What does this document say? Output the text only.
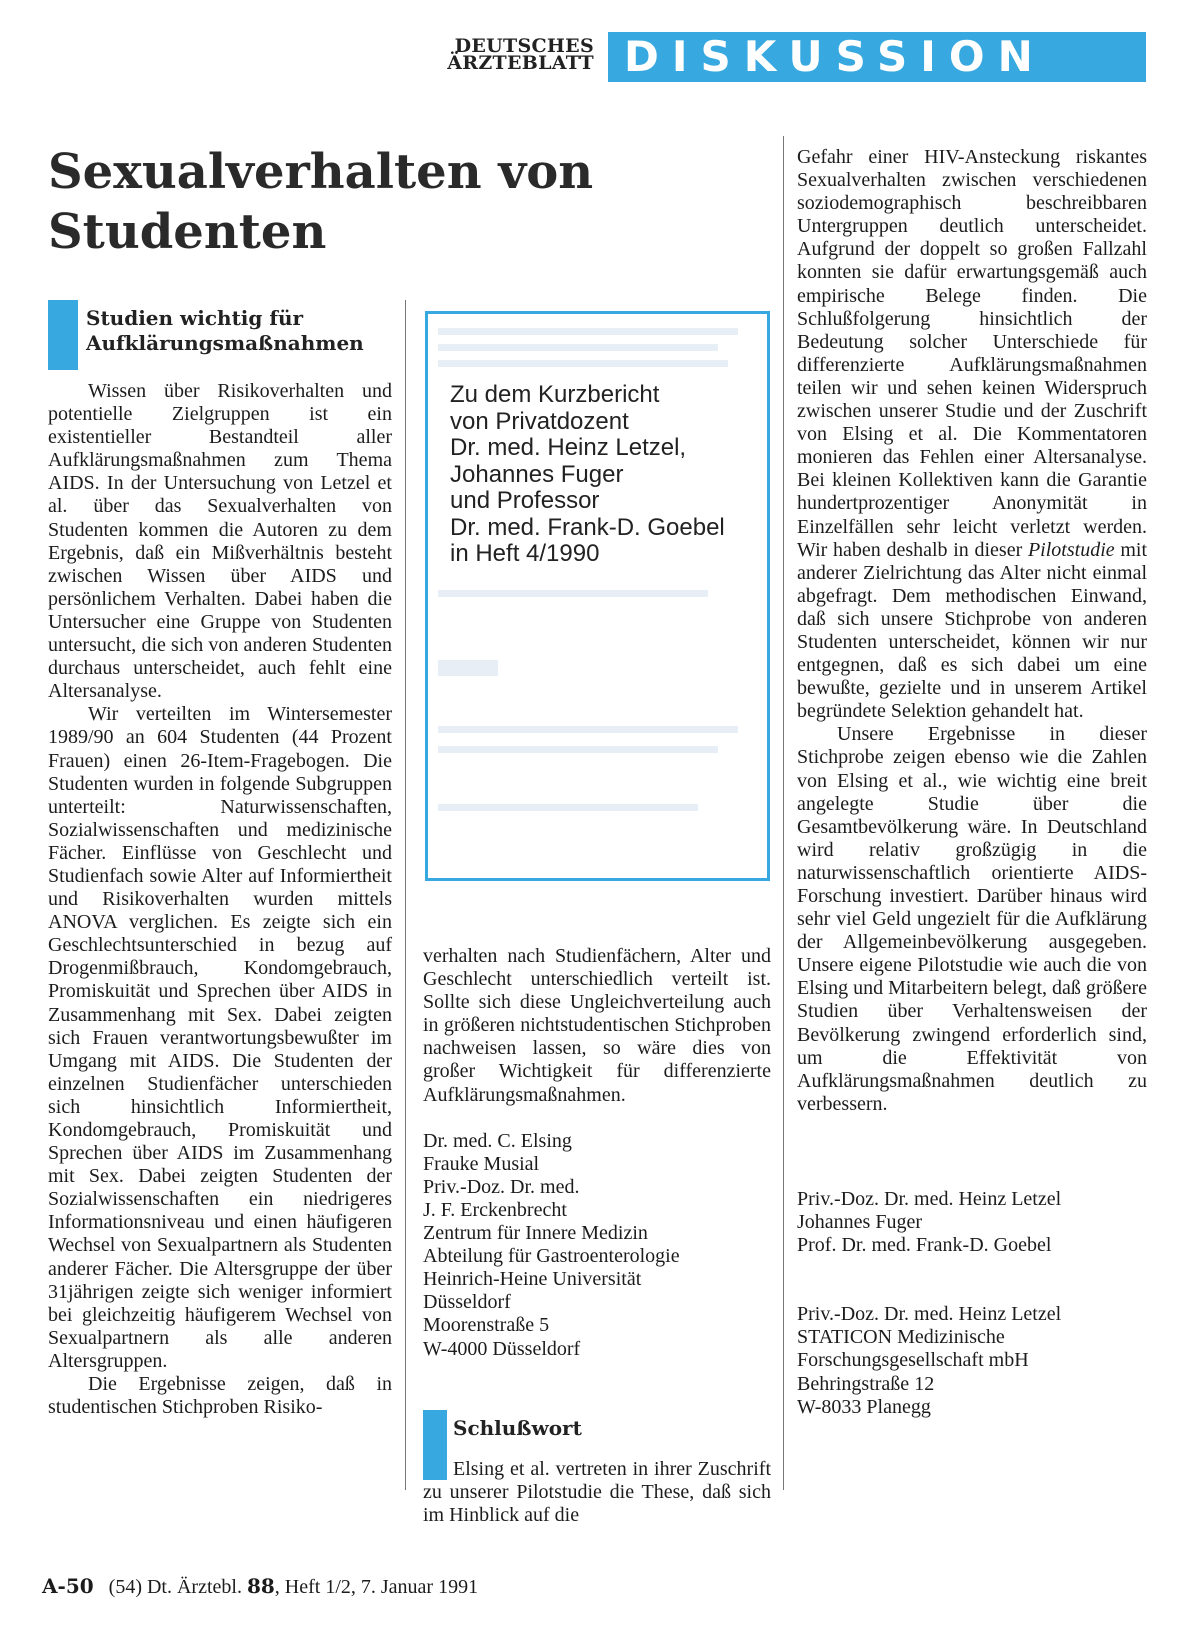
DEUTSCHES
ÄRZTEBLATT DISKUSSION
Sexualverhalten von
Studenten
Studien wichtig für
Aufklärungsmaßnahmen

Wissen über Risikoverhalten und potentielle Zielgruppen ist ein existentieller Bestandteil aller Aufklärungsmaßnahmen zum Thema AIDS. In der Untersuchung von Letzel et al. über das Sexualverhalten von Studenten kommen die Autoren zu dem Ergebnis, daß ein Mißverhältnis besteht zwischen Wissen über AIDS und persönlichem Verhalten. Dabei haben die Untersucher eine Gruppe von Studenten untersucht, die sich von anderen Studenten durchaus unterscheidet, auch fehlt eine Altersanalyse.

Wir verteilten im Wintersemester 1989/90 an 604 Studenten (44 Prozent Frauen) einen 26-Item-Fragebogen. Die Studenten wurden in folgende Subgruppen unterteilt: Naturwissenschaften, Sozialwissenschaften und medizinische Fächer. Einflüsse von Geschlecht und Studienfach sowie Alter auf Informiertheit und Risikoverhalten wurden mittels ANOVA verglichen. Es zeigte sich ein Geschlechtsunterschied in bezug auf Drogenmißbrauch, Kondomgebrauch, Promiskuität und Sprechen über AIDS in Zusammenhang mit Sex. Dabei zeigten sich Frauen verantwortungsbewußter im Umgang mit AIDS. Die Studenten der einzelnen Studienfächer unterschieden sich hinsichtlich Informiertheit, Kondomgebrauch, Promiskuität und Sprechen über AIDS im Zusammenhang mit Sex. Dabei zeigten Studenten der Sozialwissenschaften ein niedrigeres Informationsniveau und einen häufigeren Wechsel von Sexualpartnern als Studenten anderer Fächer. Die Altersgruppe der über 31jährigen zeigte sich weniger informiert bei gleichzeitig häufigerem Wechsel von Sexualpartnern als alle anderen Altersgruppen.

Die Ergebnisse zeigen, daß in studentischen Stichproben Risiko-

Zu dem Kurzbericht
von Privatdozent
Dr. med. Heinz Letzel,
Johannes Fuger
und Professor
Dr. med. Frank-D. Goebel
in Heft 4/1990

verhalten nach Studienfächern, Alter und Geschlecht unterschiedlich verteilt ist. Sollte sich diese Ungleichverteilung auch in größeren nichtstudentischen Stichproben nachweisen lassen, so wäre dies von großer Wichtigkeit für differenzierte Aufklärungsmaßnahmen.

Dr. med. C. Elsing
Frauke Musial
Priv.-Doz. Dr. med.
J. F. Erckenbrecht
Zentrum für Innere Medizin
Abteilung für Gastroenterologie
Heinrich-Heine Universität
Düsseldorf
Moorenstraße 5
W-4000 Düsseldorf
Schlußwort

Elsing et al. vertreten in ihrer Zuschrift zu unserer Pilotstudie die These, daß sich im Hinblick auf die

Gefahr einer HIV-Ansteckung riskantes Sexualverhalten zwischen verschiedenen soziodemographisch beschreibbaren Untergruppen deutlich unterscheidet. Aufgrund der doppelt so großen Fallzahl konnten sie dafür erwartungsgemäß auch empirische Belege finden. Die Schlußfolgerung hinsichtlich der Bedeutung solcher Unterschiede für differenzierte Aufklärungsmaßnahmen teilen wir und sehen keinen Widerspruch zwischen unserer Studie und der Zuschrift von Elsing et al. Die Kommentatoren monieren das Fehlen einer Altersanalyse. Bei kleinen Kollektiven kann die Garantie hundertprozentiger Anonymität in Einzelfällen sehr leicht verletzt werden. Wir haben deshalb in dieser Pilotstudie mit anderer Zielrichtung das Alter nicht einmal abgefragt. Dem methodischen Einwand, daß sich unsere Stichprobe von anderen Studenten unterscheidet, können wir nur entgegnen, daß es sich dabei um eine bewußte, gezielte und in unserem Artikel begründete Selektion gehandelt hat.

Unsere Ergebnisse in dieser Stichprobe zeigen ebenso wie die Zahlen von Elsing et al., wie wichtig eine breit angelegte Studie über die Gesamtbevölkerung wäre. In Deutschland wird relativ großzügig in die naturwissenschaftlich orientierte AIDS-Forschung investiert. Darüber hinaus wird sehr viel Geld ungezielt für die Aufklärung der Allgemeinbevölkerung ausgegeben. Unsere eigene Pilotstudie wie auch die von Elsing und Mitarbeitern belegt, daß größere Studien über Verhaltensweisen der Bevölkerung zwingend erforderlich sind, um die Effektivität von Aufklärungsmaßnahmen deutlich zu verbessern.

Priv.-Doz. Dr. med. Heinz Letzel
Johannes Fuger
Prof. Dr. med. Frank-D. Goebel
Priv.-Doz. Dr. med. Heinz Letzel
STATICON Medizinische
Forschungsgesellschaft mbH
Behringstraße 12
W-8033 Planegg
A-50 (54) Dt. Ärztebl. 88, Heft 1/2, 7. Januar 1991
